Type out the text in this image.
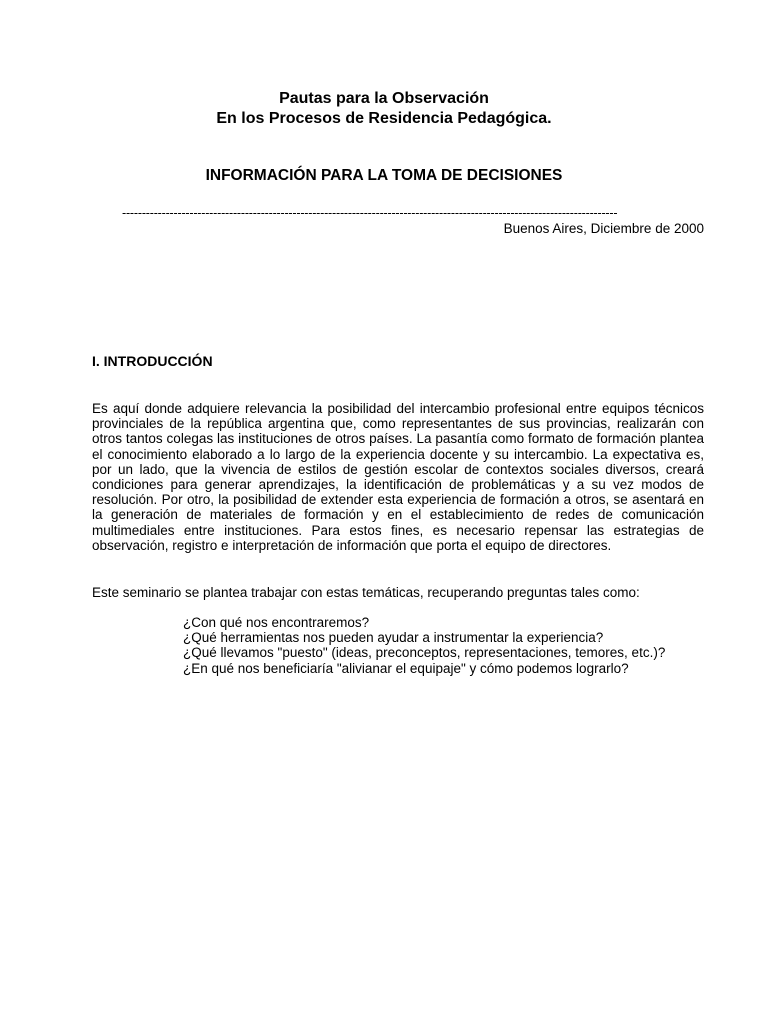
Pautas para la Observación
En los Procesos de Residencia Pedagógica.
INFORMACIÓN PARA LA TOMA DE DECISIONES
-----------------------------------------------------------------------------------------------------------------------------
Buenos Aires, Diciembre de 2000
I. INTRODUCCIÓN

Es aquí donde adquiere relevancia la posibilidad del intercambio profesional entre equipos técnicos provinciales de la república argentina que, como representantes de sus provincias, realizarán con otros tantos colegas las instituciones de otros países. La pasantía como formato de formación plantea el conocimiento elaborado a lo largo de la experiencia docente y su intercambio. La expectativa es, por un lado, que la vivencia de estilos de gestión escolar de contextos sociales diversos, creará condiciones para generar aprendizajes, la identificación de problemáticas y a su vez modos de resolución. Por otro, la posibilidad de extender esta experiencia de formación a otros, se asentará en la generación de materiales de formación y en el establecimiento de redes de comunicación multimediales entre instituciones. Para estos fines, es necesario repensar las estrategias de observación, registro e interpretación de información que porta el equipo de directores.

Este seminario se plantea trabajar con estas temáticas, recuperando preguntas tales como:

¿Con qué nos encontraremos?
¿Qué herramientas nos pueden ayudar a instrumentar la experiencia?
¿Qué llevamos "puesto" (ideas, preconceptos, representaciones, temores, etc.)?
¿En qué nos beneficiaría "alivianar el equipaje" y cómo podemos lograrlo?
